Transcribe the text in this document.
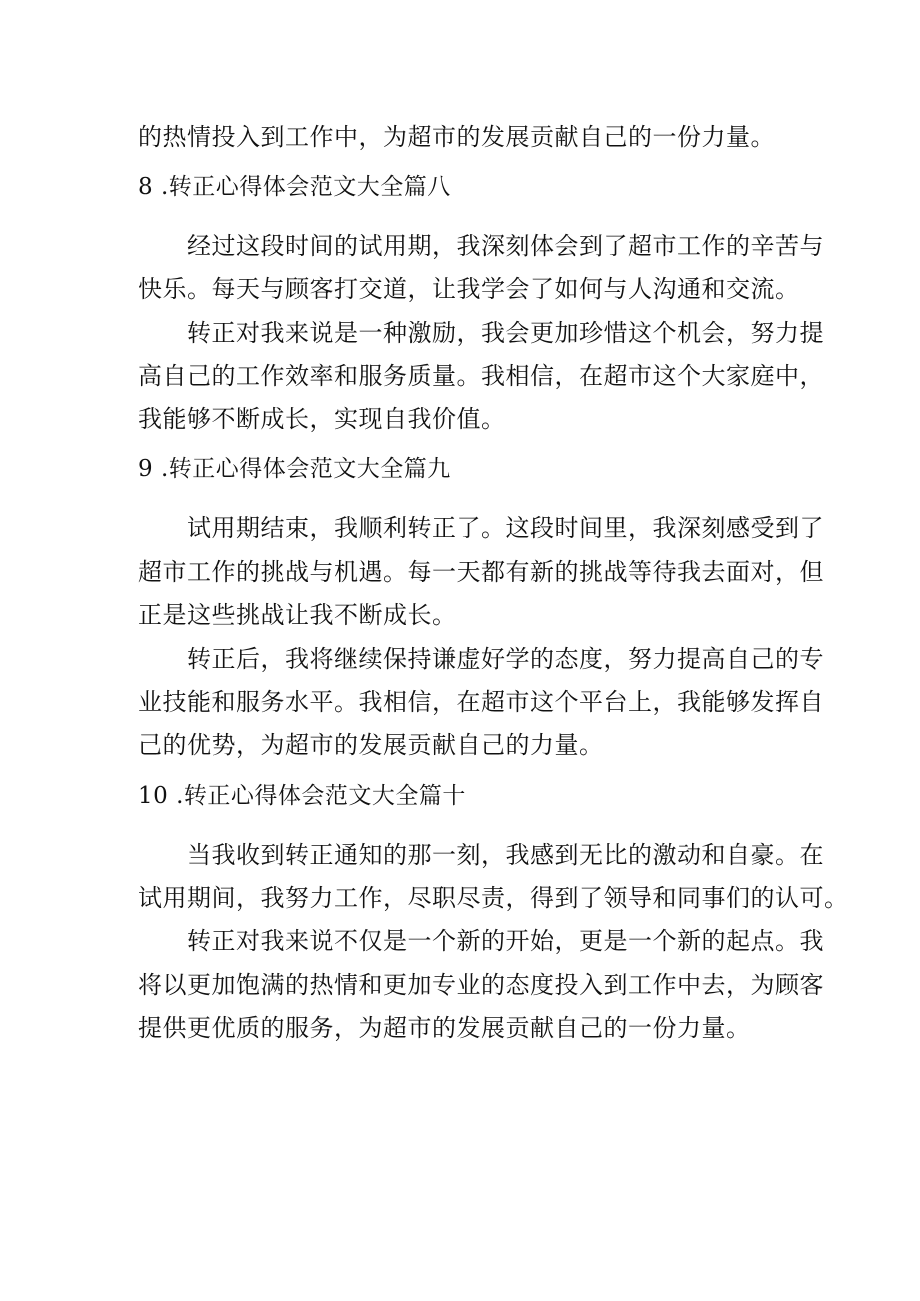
的热情投入到工作中，为超市的发展贡献自己的一份力量。

8 .转正心得体会范文大全篇八

经过这段时间的试用期，我深刻体会到了超市工作的辛苦与

快乐。每天与顾客打交道，让我学会了如何与人沟通和交流。

转正对我来说是一种激励，我会更加珍惜这个机会，努力提

高自己的工作效率和服务质量。我相信，在超市这个大家庭中，

我能够不断成长，实现自我价值。

9 .转正心得体会范文大全篇九

试用期结束，我顺利转正了。这段时间里，我深刻感受到了

超市工作的挑战与机遇。每一天都有新的挑战等待我去面对，但

正是这些挑战让我不断成长。

转正后，我将继续保持谦虚好学的态度，努力提高自己的专

业技能和服务水平。我相信，在超市这个平台上，我能够发挥自

己的优势，为超市的发展贡献自己的力量。

10 .转正心得体会范文大全篇十

当我收到转正通知的那一刻，我感到无比的激动和自豪。在

试用期间，我努力工作，尽职尽责，得到了领导和同事们的认可。

转正对我来说不仅是一个新的开始，更是一个新的起点。我

将以更加饱满的热情和更加专业的态度投入到工作中去，为顾客

提供更优质的服务，为超市的发展贡献自己的一份力量。
